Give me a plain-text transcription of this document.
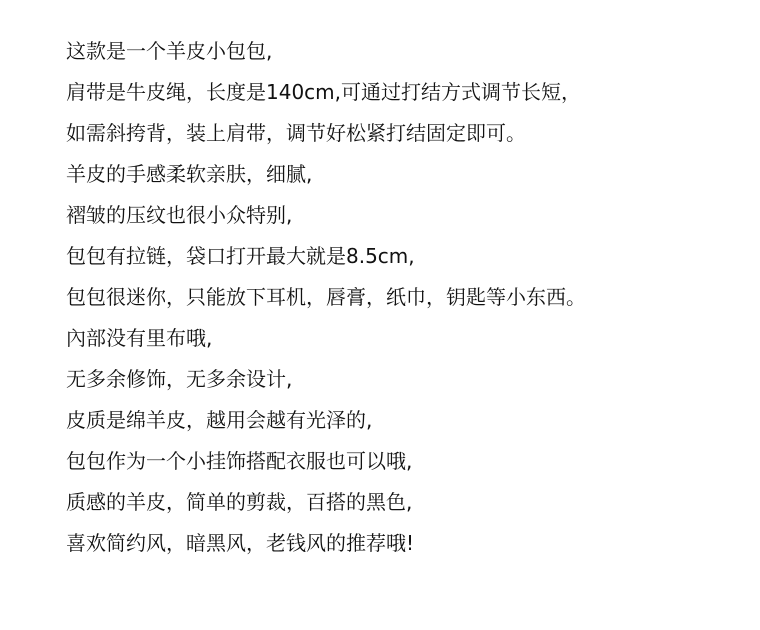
这款是一个羊皮小包包,
肩带是牛皮绳，长度是140cm,可通过打结方式调节长短，
如需斜挎背，装上肩带，调节好松紧打结固定即可。
羊皮的手感柔软亲肤，细腻,
褶皱的压纹也很小众特别,
包包有拉链，袋口打开最大就是8.5cm,
包包很迷你，只能放下耳机，唇膏，纸巾，钥匙等小东西。
內部没有里布哦,
无多余修饰，无多余设计,
皮质是绵羊皮，越用会越有光泽的,
包包作为一个小挂饰搭配衣服也可以哦,
质感的羊皮，简单的剪裁，百搭的黑色,
喜欢简约风，暗黑风，老钱风的推荐哦!
